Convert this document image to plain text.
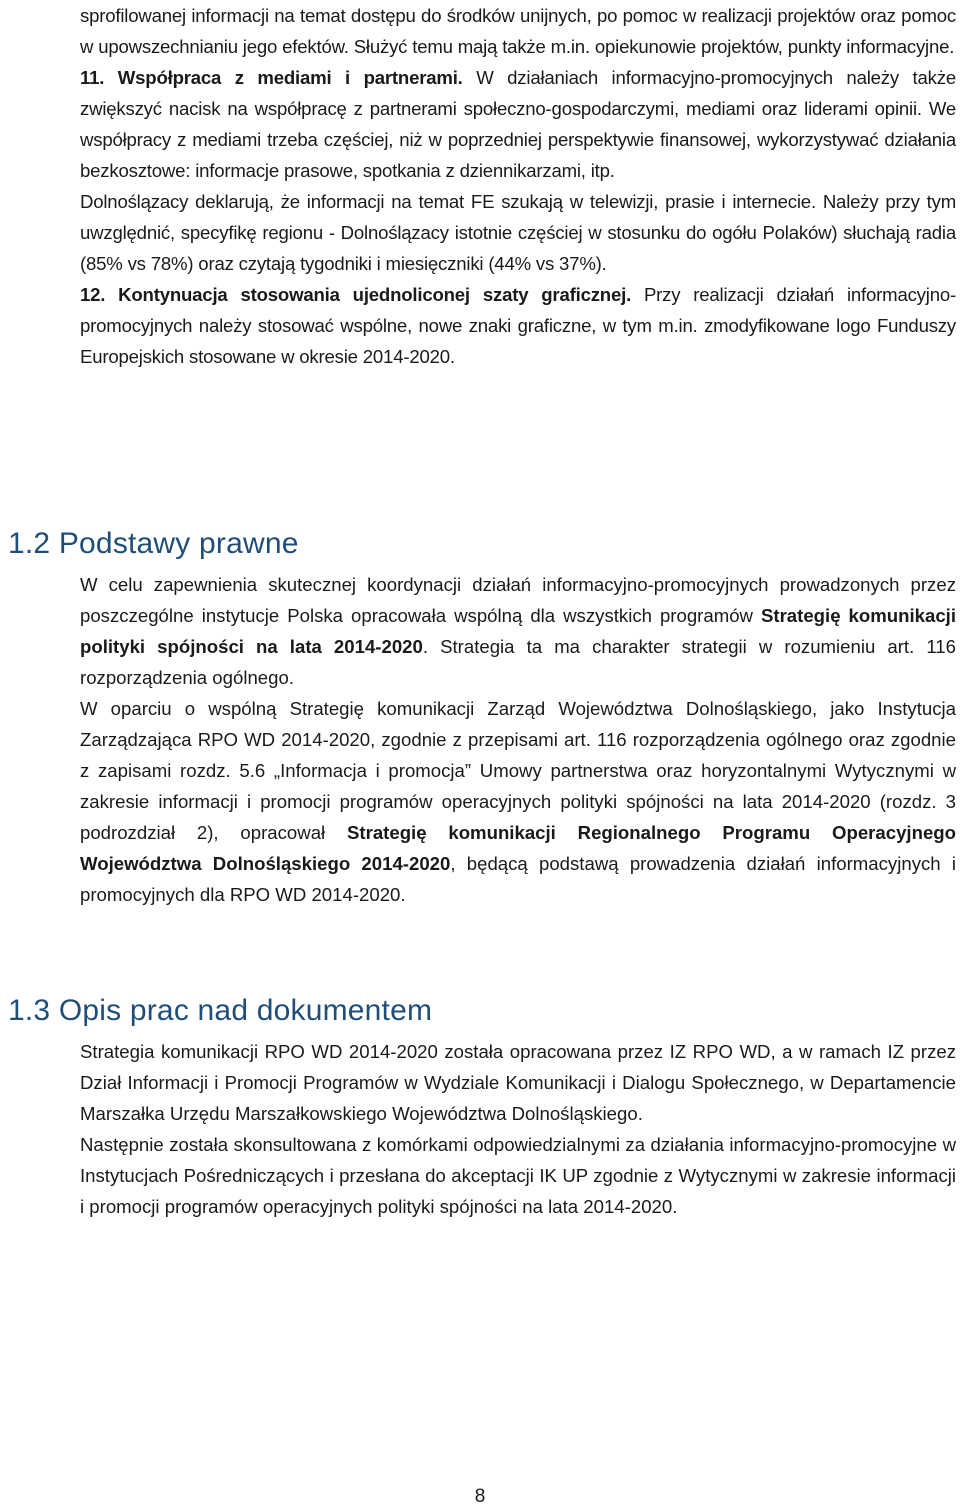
sprofilowanej informacji na temat dostępu do środków unijnych, po pomoc w realizacji projektów oraz pomoc w upowszechnianiu jego efektów. Służyć temu mają także m.in. opiekunowie projektów, punkty informacyjne.

11. Współpraca z mediami i partnerami. W działaniach informacyjno-promocyjnych należy także zwiększyć nacisk na współpracę z partnerami społeczno-gospodarczymi, mediami oraz liderami opinii. We współpracy z mediami trzeba częściej, niż w poprzedniej perspektywie finansowej, wykorzystywać działania bezkosztowe: informacje prasowe, spotkania z dziennikarzami, itp.

Dolnoślązacy deklarują, że informacji na temat FE szukają w telewizji, prasie i internecie. Należy przy tym uwzględnić, specyfikę regionu - Dolnoślązacy istotnie częściej w stosunku do ogółu Polaków) słuchają radia (85% vs 78%) oraz czytają tygodniki i miesięczniki (44% vs 37%).

12. Kontynuacja stosowania ujednoliconej szaty graficznej. Przy realizacji działań informacyjno-promocyjnych należy stosować wspólne, nowe znaki graficzne, w tym m.in. zmodyfikowane logo Funduszy Europejskich stosowane w okresie 2014-2020.

1.2 Podstawy prawne

W celu zapewnienia skutecznej koordynacji działań informacyjno-promocyjnych prowadzonych przez poszczególne instytucje Polska opracowała wspólną dla wszystkich programów Strategię komunikacji polityki spójności na lata 2014-2020. Strategia ta ma charakter strategii w rozumieniu art. 116 rozporządzenia ogólnego.

W oparciu o wspólną Strategię komunikacji Zarząd Województwa Dolnośląskiego, jako Instytucja Zarządzająca RPO WD 2014-2020, zgodnie z przepisami art. 116 rozporządzenia ogólnego oraz zgodnie z zapisami rozdz. 5.6 „Informacja i promocja” Umowy partnerstwa oraz horyzontalnymi Wytycznymi w zakresie informacji i promocji programów operacyjnych polityki spójności na lata 2014-2020 (rozdz. 3 podrozdział 2), opracował Strategię komunikacji Regionalnego Programu Operacyjnego Województwa Dolnośląskiego 2014-2020, będącą podstawą prowadzenia działań informacyjnych i promocyjnych dla RPO WD 2014-2020.

1.3 Opis prac nad dokumentem

Strategia komunikacji RPO WD 2014-2020 została opracowana przez IZ RPO WD, a w ramach IZ przez Dział Informacji i Promocji Programów w Wydziale Komunikacji i Dialogu Społecznego, w Departamencie Marszałka Urzędu Marszałkowskiego Województwa Dolnośląskiego.

Następnie została skonsultowana z komórkami odpowiedzialnymi za działania informacyjno-promocyjne w Instytucjach Pośredniczących i przesłana do akceptacji IK UP zgodnie z Wytycznymi w zakresie informacji i promocji programów operacyjnych polityki spójności na lata 2014-2020.

8
